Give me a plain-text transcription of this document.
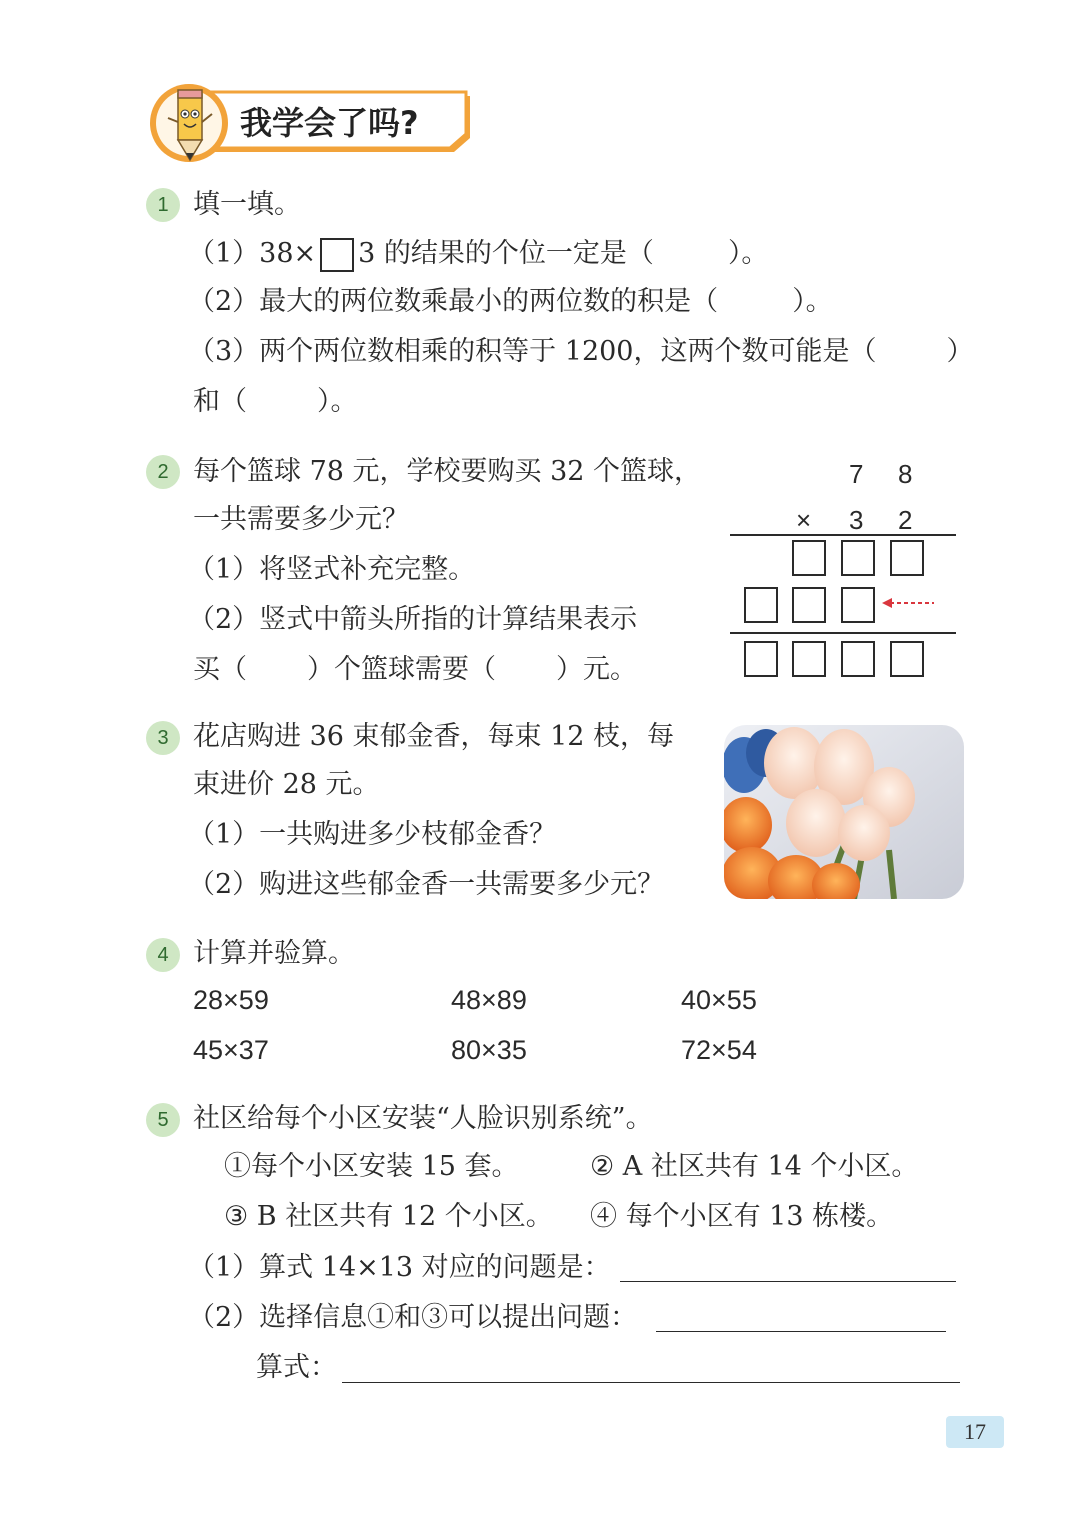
我学会了吗?
1 填一填。
（1）38× 3 的结果的个位一定是（	）。
（2）最大的两位数乘最小的两位数的积是（	）。
（3）两个两位数相乘的积等于 1200，这两个数可能是（	）
和（	）。
2 每个篮球 78 元，学校要购买 32 个篮球，
一共需要多少元？
（1）将竖式补充完整。
（2）竖式中箭头所指的计算结果表示
买（ ）个篮球需要（ ）元。
7 8
× 3 2
3 花店购进 36 束郁金香，每束 12 枝，每
束进价 28 元。
（1）一共购进多少枝郁金香？
（2）购进这些郁金香一共需要多少元？
4 计算并验算。
28×59	48×89	40×55
45×37	80×35	72×54
5 社区给每个小区安装“人脸识别系统”。
①每个小区安装 15 套。	② A 社区共有 14 个小区。
③ B 社区共有 12 个小区。 ④ 每个小区有 13 栋楼。
（1）算式 14×13 对应的问题是：
（2）选择信息①和③可以提出问题：
算式：
17
